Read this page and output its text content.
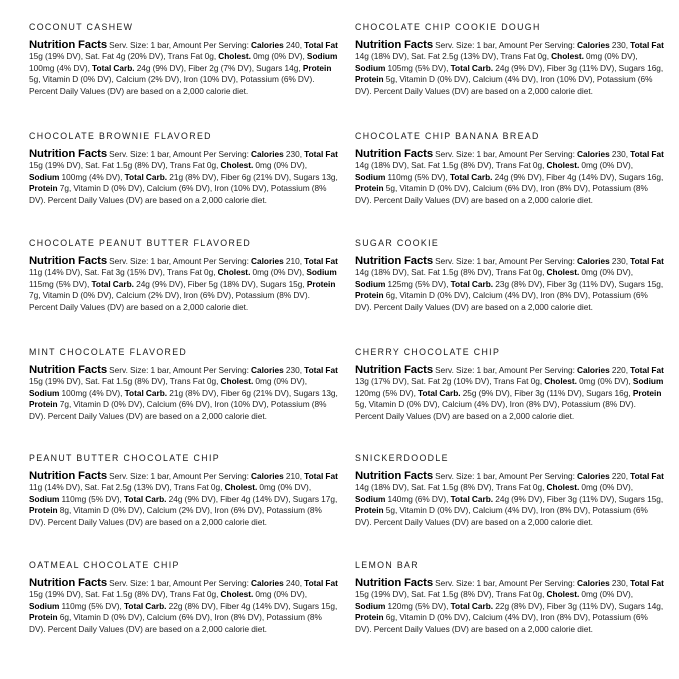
COCONUT CASHEW
Nutrition Facts Serv. Size: 1 bar, Amount Per Serving: Calories 240, Total Fat 15g (19% DV), Sat. Fat 4g (20% DV), Trans Fat 0g, Cholest. 0mg (0% DV), Sodium 100mg (4% DV), Total Carb. 24g (9% DV), Fiber 2g (7% DV), Sugars 14g, Protein 5g, Vitamin D (0% DV), Calcium (2% DV), Iron (10% DV), Potassium (6% DV). Percent Daily Values (DV) are based on a 2,000 calorie diet.
CHOCOLATE BROWNIE FLAVORED
Nutrition Facts Serv. Size: 1 bar, Amount Per Serving: Calories 230, Total Fat 15g (19% DV), Sat. Fat 1.5g (8% DV), Trans Fat 0g, Cholest. 0mg (0% DV), Sodium 100mg (4% DV), Total Carb. 21g (8% DV), Fiber 6g (21% DV), Sugars 13g, Protein 7g, Vitamin D (0% DV), Calcium (6% DV), Iron (10% DV), Potassium (8% DV). Percent Daily Values (DV) are based on a 2,000 calorie diet.
CHOCOLATE PEANUT BUTTER FLAVORED
Nutrition Facts Serv. Size: 1 bar, Amount Per Serving: Calories 210, Total Fat 11g (14% DV), Sat. Fat 3g (15% DV), Trans Fat 0g, Cholest. 0mg (0% DV), Sodium 115mg (5% DV), Total Carb. 24g (9% DV), Fiber 5g (18% DV), Sugars 15g, Protein 7g, Vitamin D (0% DV), Calcium (2% DV), Iron (6% DV), Potassium (8% DV). Percent Daily Values (DV) are based on a 2,000 calorie diet.
MINT CHOCOLATE FLAVORED
Nutrition Facts Serv. Size: 1 bar, Amount Per Serving: Calories 230, Total Fat 15g (19% DV), Sat. Fat 1.5g (8% DV), Trans Fat 0g, Cholest. 0mg (0% DV), Sodium 100mg (4% DV), Total Carb. 21g (8% DV), Fiber 6g (21% DV), Sugars 13g, Protein 7g, Vitamin D (0% DV), Calcium (6% DV), Iron (10% DV), Potassium (8% DV). Percent Daily Values (DV) are based on a 2,000 calorie diet.
PEANUT BUTTER CHOCOLATE CHIP
Nutrition Facts Serv. Size: 1 bar, Amount Per Serving: Calories 210, Total Fat 11g (14% DV), Sat. Fat 2.5g (13% DV), Trans Fat 0g, Cholest. 0mg (0% DV), Sodium 110mg (5% DV), Total Carb. 24g (9% DV), Fiber 4g (14% DV), Sugars 17g, Protein 8g, Vitamin D (0% DV), Calcium (2% DV), Iron (6% DV), Potassium (8% DV). Percent Daily Values (DV) are based on a 2,000 calorie diet.
OATMEAL CHOCOLATE CHIP
Nutrition Facts Serv. Size: 1 bar, Amount Per Serving: Calories 240, Total Fat 15g (19% DV), Sat. Fat 1.5g (8% DV), Trans Fat 0g, Cholest. 0mg (0% DV), Sodium 110mg (5% DV), Total Carb. 22g (8% DV), Fiber 4g (14% DV), Sugars 15g, Protein 6g, Vitamin D (0% DV), Calcium (6% DV), Iron (8% DV), Potassium (8% DV). Percent Daily Values (DV) are based on a 2,000 calorie diet.
CHOCOLATE CHIP COOKIE DOUGH
Nutrition Facts Serv. Size: 1 bar, Amount Per Serving: Calories 230, Total Fat 14g (18% DV), Sat. Fat 2.5g (13% DV), Trans Fat 0g, Cholest. 0mg (0% DV), Sodium 105mg (5% DV), Total Carb. 24g (9% DV), Fiber 3g (11% DV), Sugars 16g, Protein 5g, Vitamin D (0% DV), Calcium (4% DV), Iron (10% DV), Potassium (6% DV). Percent Daily Values (DV) are based on a 2,000 calorie diet.
CHOCOLATE CHIP BANANA BREAD
Nutrition Facts Serv. Size: 1 bar, Amount Per Serving: Calories 230, Total Fat 14g (18% DV), Sat. Fat 1.5g (8% DV), Trans Fat 0g, Cholest. 0mg (0% DV), Sodium 110mg (5% DV), Total Carb. 24g (9% DV), Fiber 4g (14% DV), Sugars 16g, Protein 5g, Vitamin D (0% DV), Calcium (6% DV), Iron (8% DV), Potassium (8% DV). Percent Daily Values (DV) are based on a 2,000 calorie diet.
SUGAR COOKIE
Nutrition Facts Serv. Size: 1 bar, Amount Per Serving: Calories 230, Total Fat 14g (18% DV), Sat. Fat 1.5g (8% DV), Trans Fat 0g, Cholest. 0mg (0% DV), Sodium 125mg (5% DV), Total Carb. 23g (8% DV), Fiber 3g (11% DV), Sugars 15g, Protein 6g, Vitamin D (0% DV), Calcium (4% DV), Iron (8% DV), Potassium (6% DV). Percent Daily Values (DV) are based on a 2,000 calorie diet.
CHERRY CHOCOLATE CHIP
Nutrition Facts Serv. Size: 1 bar, Amount Per Serving: Calories 220, Total Fat 13g (17% DV), Sat. Fat 2g (10% DV), Trans Fat 0g, Cholest. 0mg (0% DV), Sodium 120mg (5% DV), Total Carb. 25g (9% DV), Fiber 3g (11% DV), Sugars 16g, Protein 5g, Vitamin D (0% DV), Calcium (4% DV), Iron (8% DV), Potassium (8% DV). Percent Daily Values (DV) are based on a 2,000 calorie diet.
SNICKERDOODLE
Nutrition Facts Serv. Size: 1 bar, Amount Per Serving: Calories 220, Total Fat 14g (18% DV), Sat. Fat 1.5g (8% DV), Trans Fat 0g, Cholest. 0mg (0% DV), Sodium 140mg (6% DV), Total Carb. 24g (9% DV), Fiber 3g (11% DV), Sugars 15g, Protein 5g, Vitamin D (0% DV), Calcium (4% DV), Iron (8% DV), Potassium (6% DV). Percent Daily Values (DV) are based on a 2,000 calorie diet.
LEMON BAR
Nutrition Facts Serv. Size: 1 bar, Amount Per Serving: Calories 230, Total Fat 15g (19% DV), Sat. Fat 1.5g (8% DV), Trans Fat 0g, Cholest. 0mg (0% DV), Sodium 120mg (5% DV), Total Carb. 22g (8% DV), Fiber 3g (11% DV), Sugars 14g, Protein 6g, Vitamin D (0% DV), Calcium (4% DV), Iron (8% DV), Potassium (6% DV). Percent Daily Values (DV) are based on a 2,000 calorie diet.
